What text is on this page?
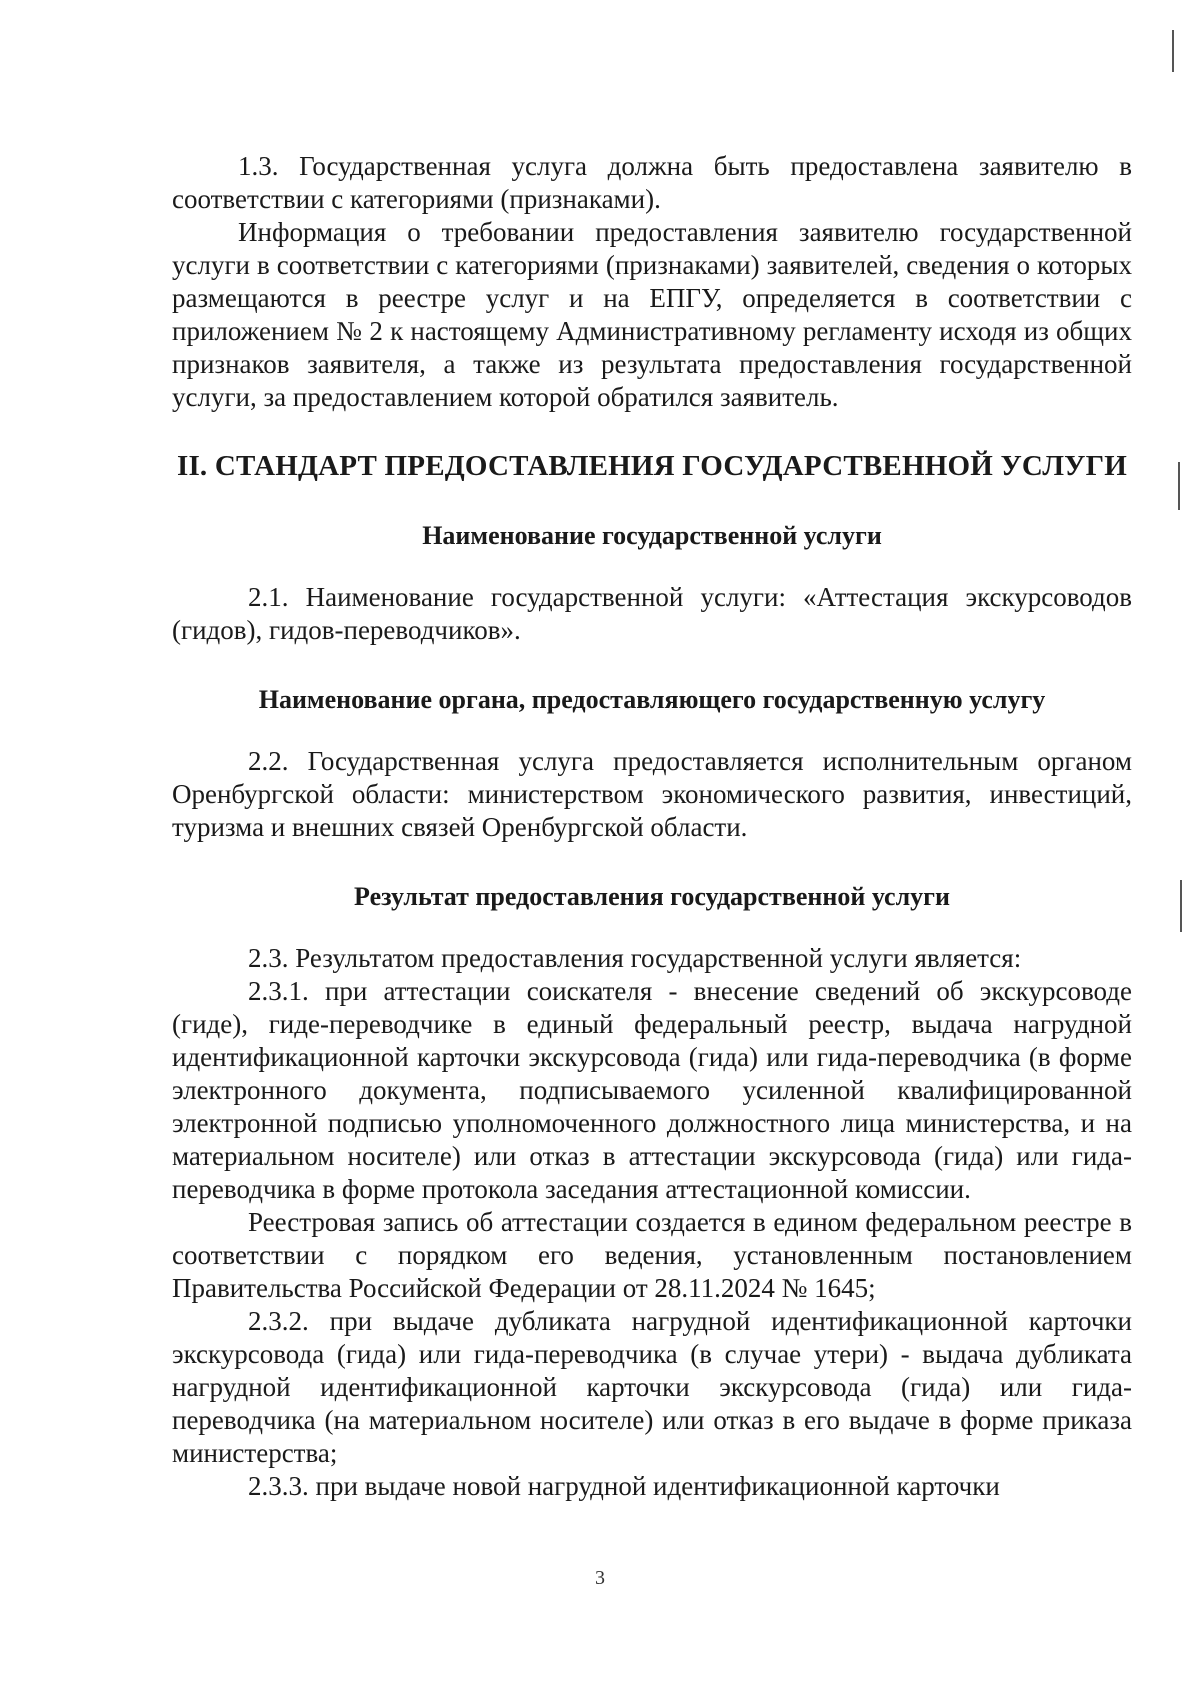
1.3. Государственная услуга должна быть предоставлена заявителю в соответствии с категориями (признаками).

Информация о требовании предоставления заявителю государственной услуги в соответствии с категориями (признаками) заявителей, сведения о которых размещаются в реестре услуг и на ЕПГУ, определяется в соответствии с приложением № 2 к настоящему Административному регламенту исходя из общих признаков заявителя, а также из результата предоставления государственной услуги, за предоставлением которой обратился заявитель.

II. СТАНДАРТ ПРЕДОСТАВЛЕНИЯ ГОСУДАРСТВЕННОЙ УСЛУГИ
Наименование государственной услуги

2.1. Наименование государственной услуги: «Аттестация экскурсоводов (гидов), гидов-переводчиков».

Наименование органа, предоставляющего государственную услугу

2.2. Государственная услуга предоставляется исполнительным органом Оренбургской области: министерством экономического развития, инвестиций, туризма и внешних связей Оренбургской области.

Результат предоставления государственной услуги

2.3. Результатом предоставления государственной услуги является:

2.3.1. при аттестации соискателя - внесение сведений об экскурсоводе (гиде), гиде-переводчике в единый федеральный реестр, выдача нагрудной идентификационной карточки экскурсовода (гида) или гида-переводчика (в форме электронного документа, подписываемого усиленной квалифицированной электронной подписью уполномоченного должностного лица министерства, и на материальном носителе) или отказ в аттестации экскурсовода (гида) или гида-переводчика в форме протокола заседания аттестационной комиссии.

Реестровая запись об аттестации создается в едином федеральном реестре в соответствии с порядком его ведения, установленным постановлением Правительства Российской Федерации от 28.11.2024 № 1645;

2.3.2. при выдаче дубликата нагрудной идентификационной карточки экскурсовода (гида) или гида-переводчика (в случае утери) - выдача дубликата нагрудной идентификационной карточки экскурсовода (гида) или гида-переводчика (на материальном носителе) или отказ в его выдаче в форме приказа министерства;

2.3.3. при выдаче новой нагрудной идентификационной карточки

3
